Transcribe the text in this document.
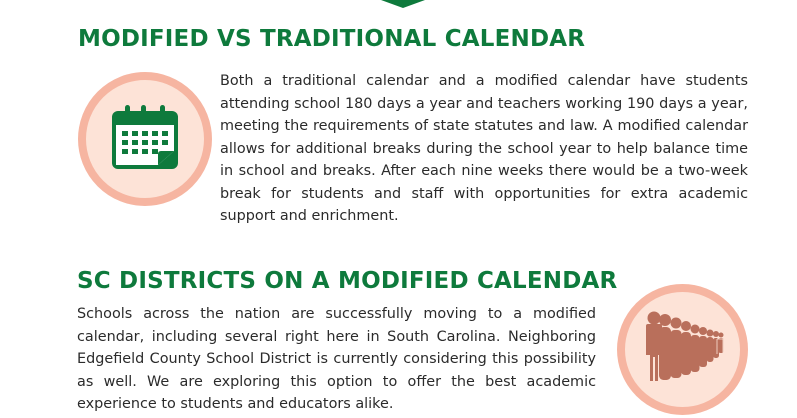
MODIFIED VS TRADITIONAL CALENDAR

Both a traditional calendar and a modified calendar have students attending school 180 days a year and teachers working 190 days a year, meeting the requirements of state statutes and law. A modified calendar allows for additional breaks during the school year to help balance time in school and breaks. After each nine weeks there would be a two-week break for students and staff with opportunities for extra academic support and enrichment.

SC DISTRICTS ON A MODIFIED CALENDAR

Schools across the nation are successfully moving to a modified calendar, including several right here in South Carolina. Neighboring Edgefield County School District is currently considering this possibility as well. We are exploring this option to offer the best academic experience to students and educators alike.
